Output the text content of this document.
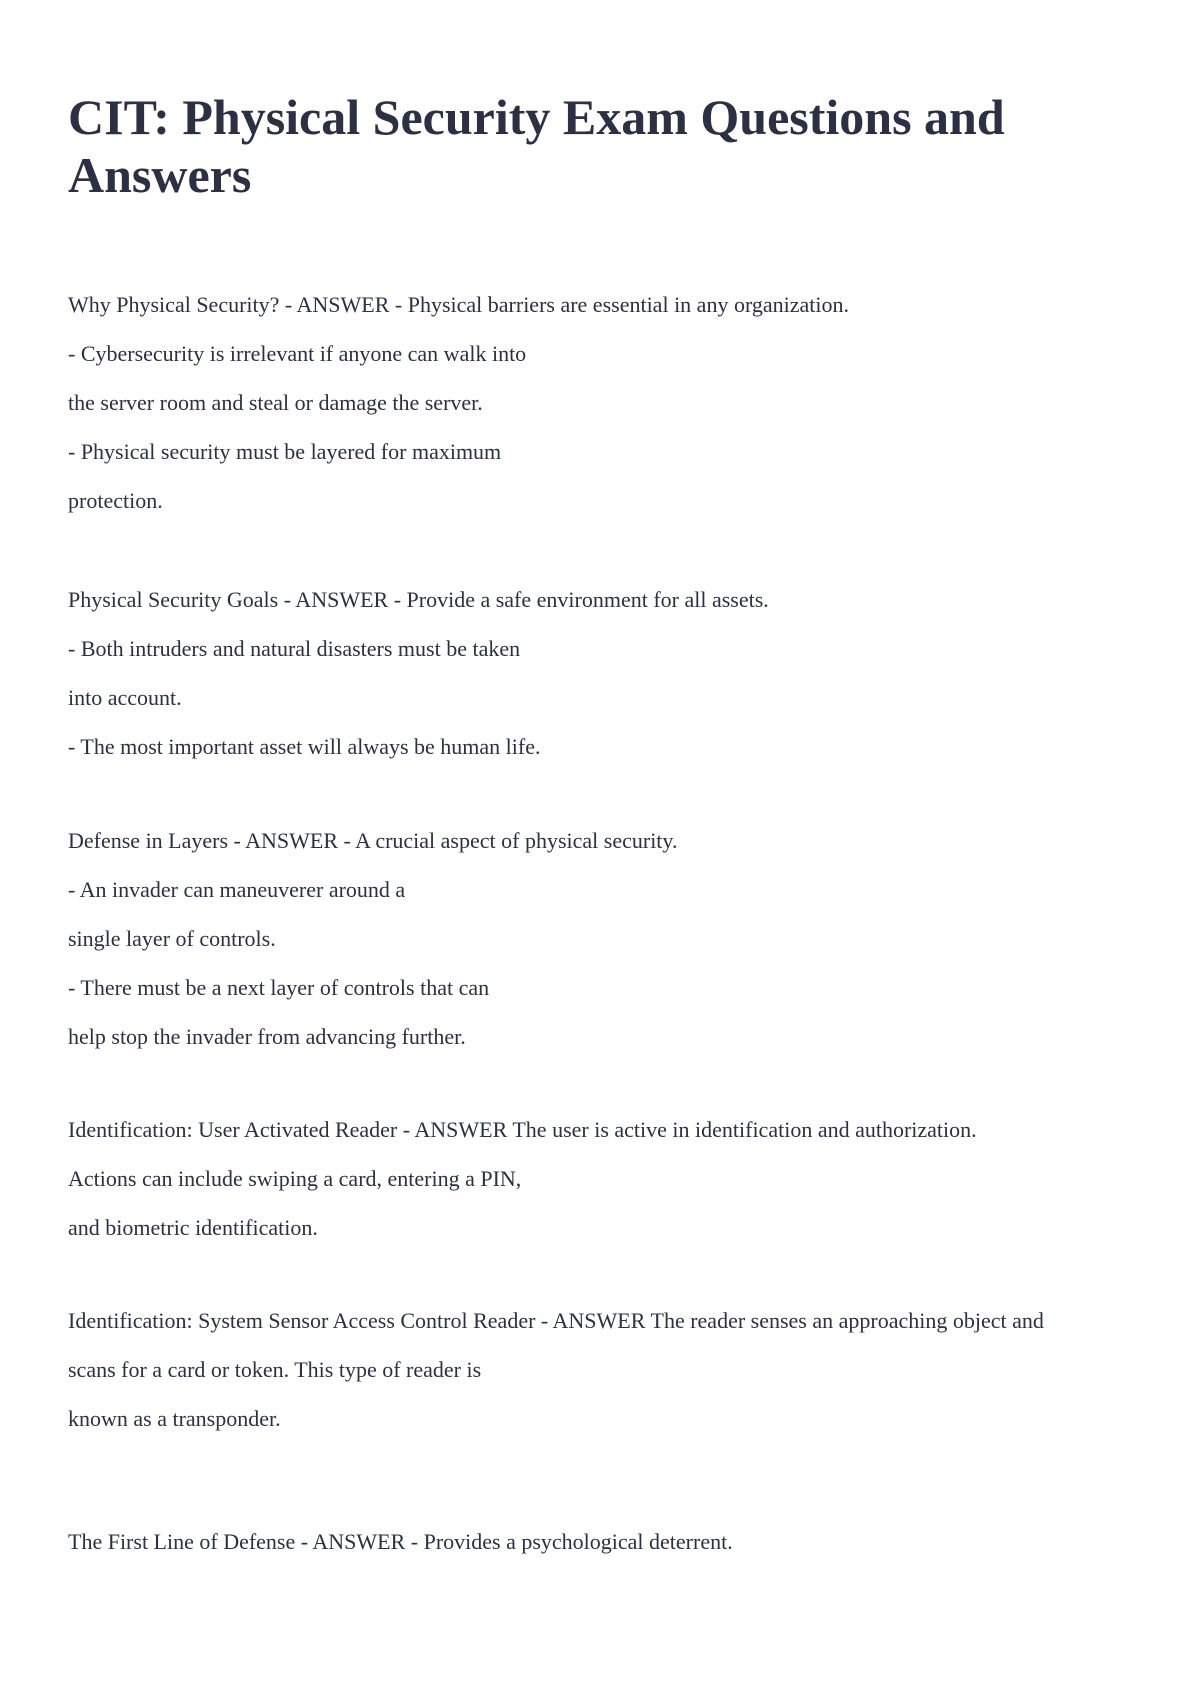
CIT: Physical Security Exam Questions and Answers
Why Physical Security? - ANSWER - Physical barriers are essential in any organization.
- Cybersecurity is irrelevant if anyone can walk into
the server room and steal or damage the server.
- Physical security must be layered for maximum
protection.
Physical Security Goals - ANSWER - Provide a safe environment for all assets.
- Both intruders and natural disasters must be taken
into account.
- The most important asset will always be human life.
Defense in Layers - ANSWER - A crucial aspect of physical security.
- An invader can maneuverer around a
single layer of controls.
- There must be a next layer of controls that can
help stop the invader from advancing further.
Identification: User Activated Reader - ANSWER The user is active in identification and authorization.
Actions can include swiping a card, entering a PIN,
and biometric identification.
Identification: System Sensor Access Control Reader - ANSWER The reader senses an approaching object and
scans for a card or token. This type of reader is
known as a transponder.
The First Line of Defense - ANSWER - Provides a psychological deterrent.
